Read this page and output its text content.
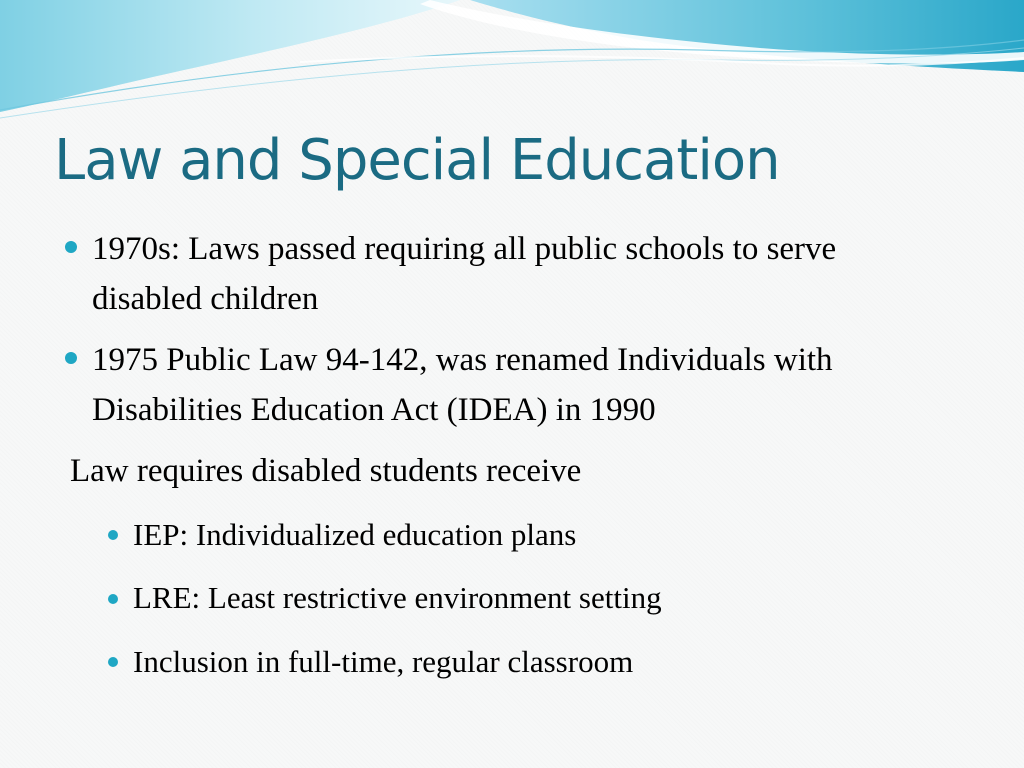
Law and Special Education
1970s: Laws passed requiring all public schools to serve
disabled children
1975 Public Law 94-142, was renamed Individuals with
Disabilities Education Act (IDEA) in 1990
Law requires disabled students receive
IEP: Individualized education plans
LRE: Least restrictive environment setting
Inclusion in full-time, regular classroom
